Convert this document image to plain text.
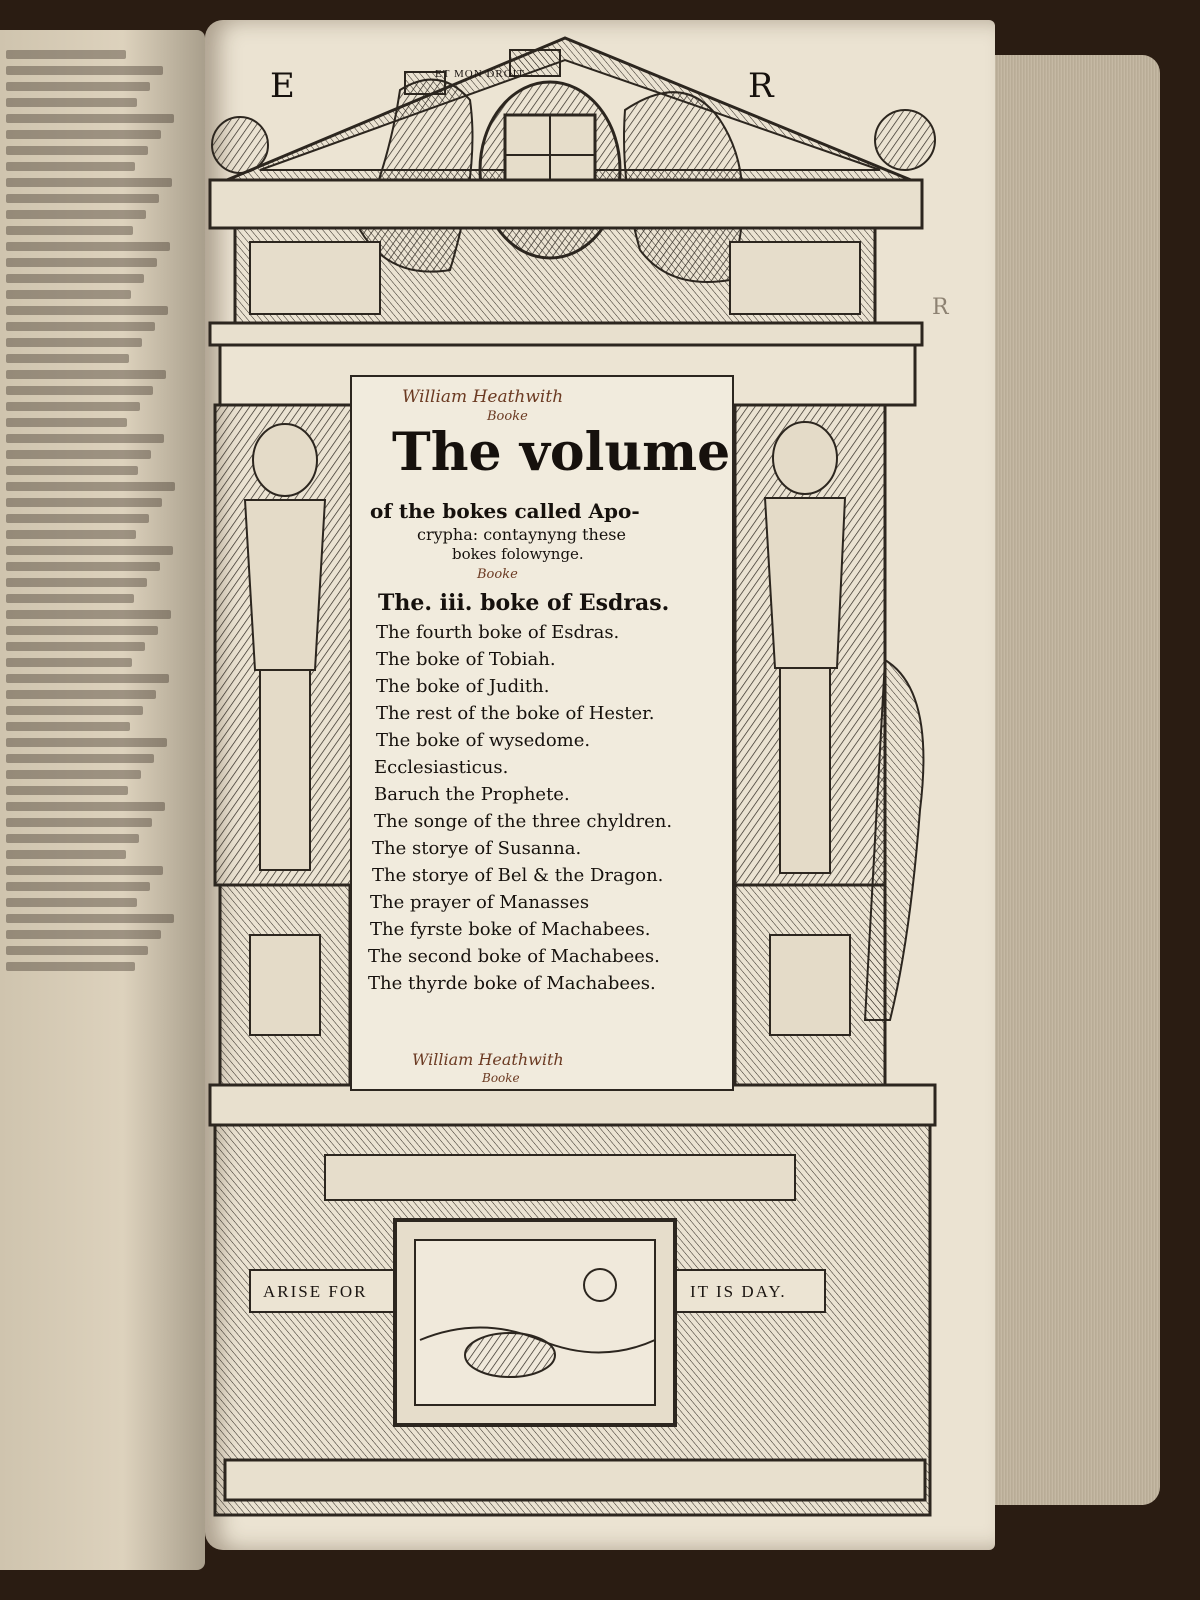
E	R
R
William Heathwith
Booke
The volume
of the bokes called Apo-
crypha: contaynyng these
bokes folowynge.
Booke
The. iii. boke of Esdras.
The fourth boke of Esdras.
The boke of Tobiah.
The boke of Judith.
The rest of the boke of Hester.
The boke of wysedome.
Ecclesiasticus.
Baruch the Prophete.
The songe of the three chyldren.
The storye of Susanna.
The storye of Bel & the Dragon.
The prayer of Manasses
The fyrste boke of Machabees.
The second boke of Machabees.
The thyrde boke of Machabees.
William Heathwith
Booke
ET MON DROIT
ARISE FOR	IT IS DAY.
